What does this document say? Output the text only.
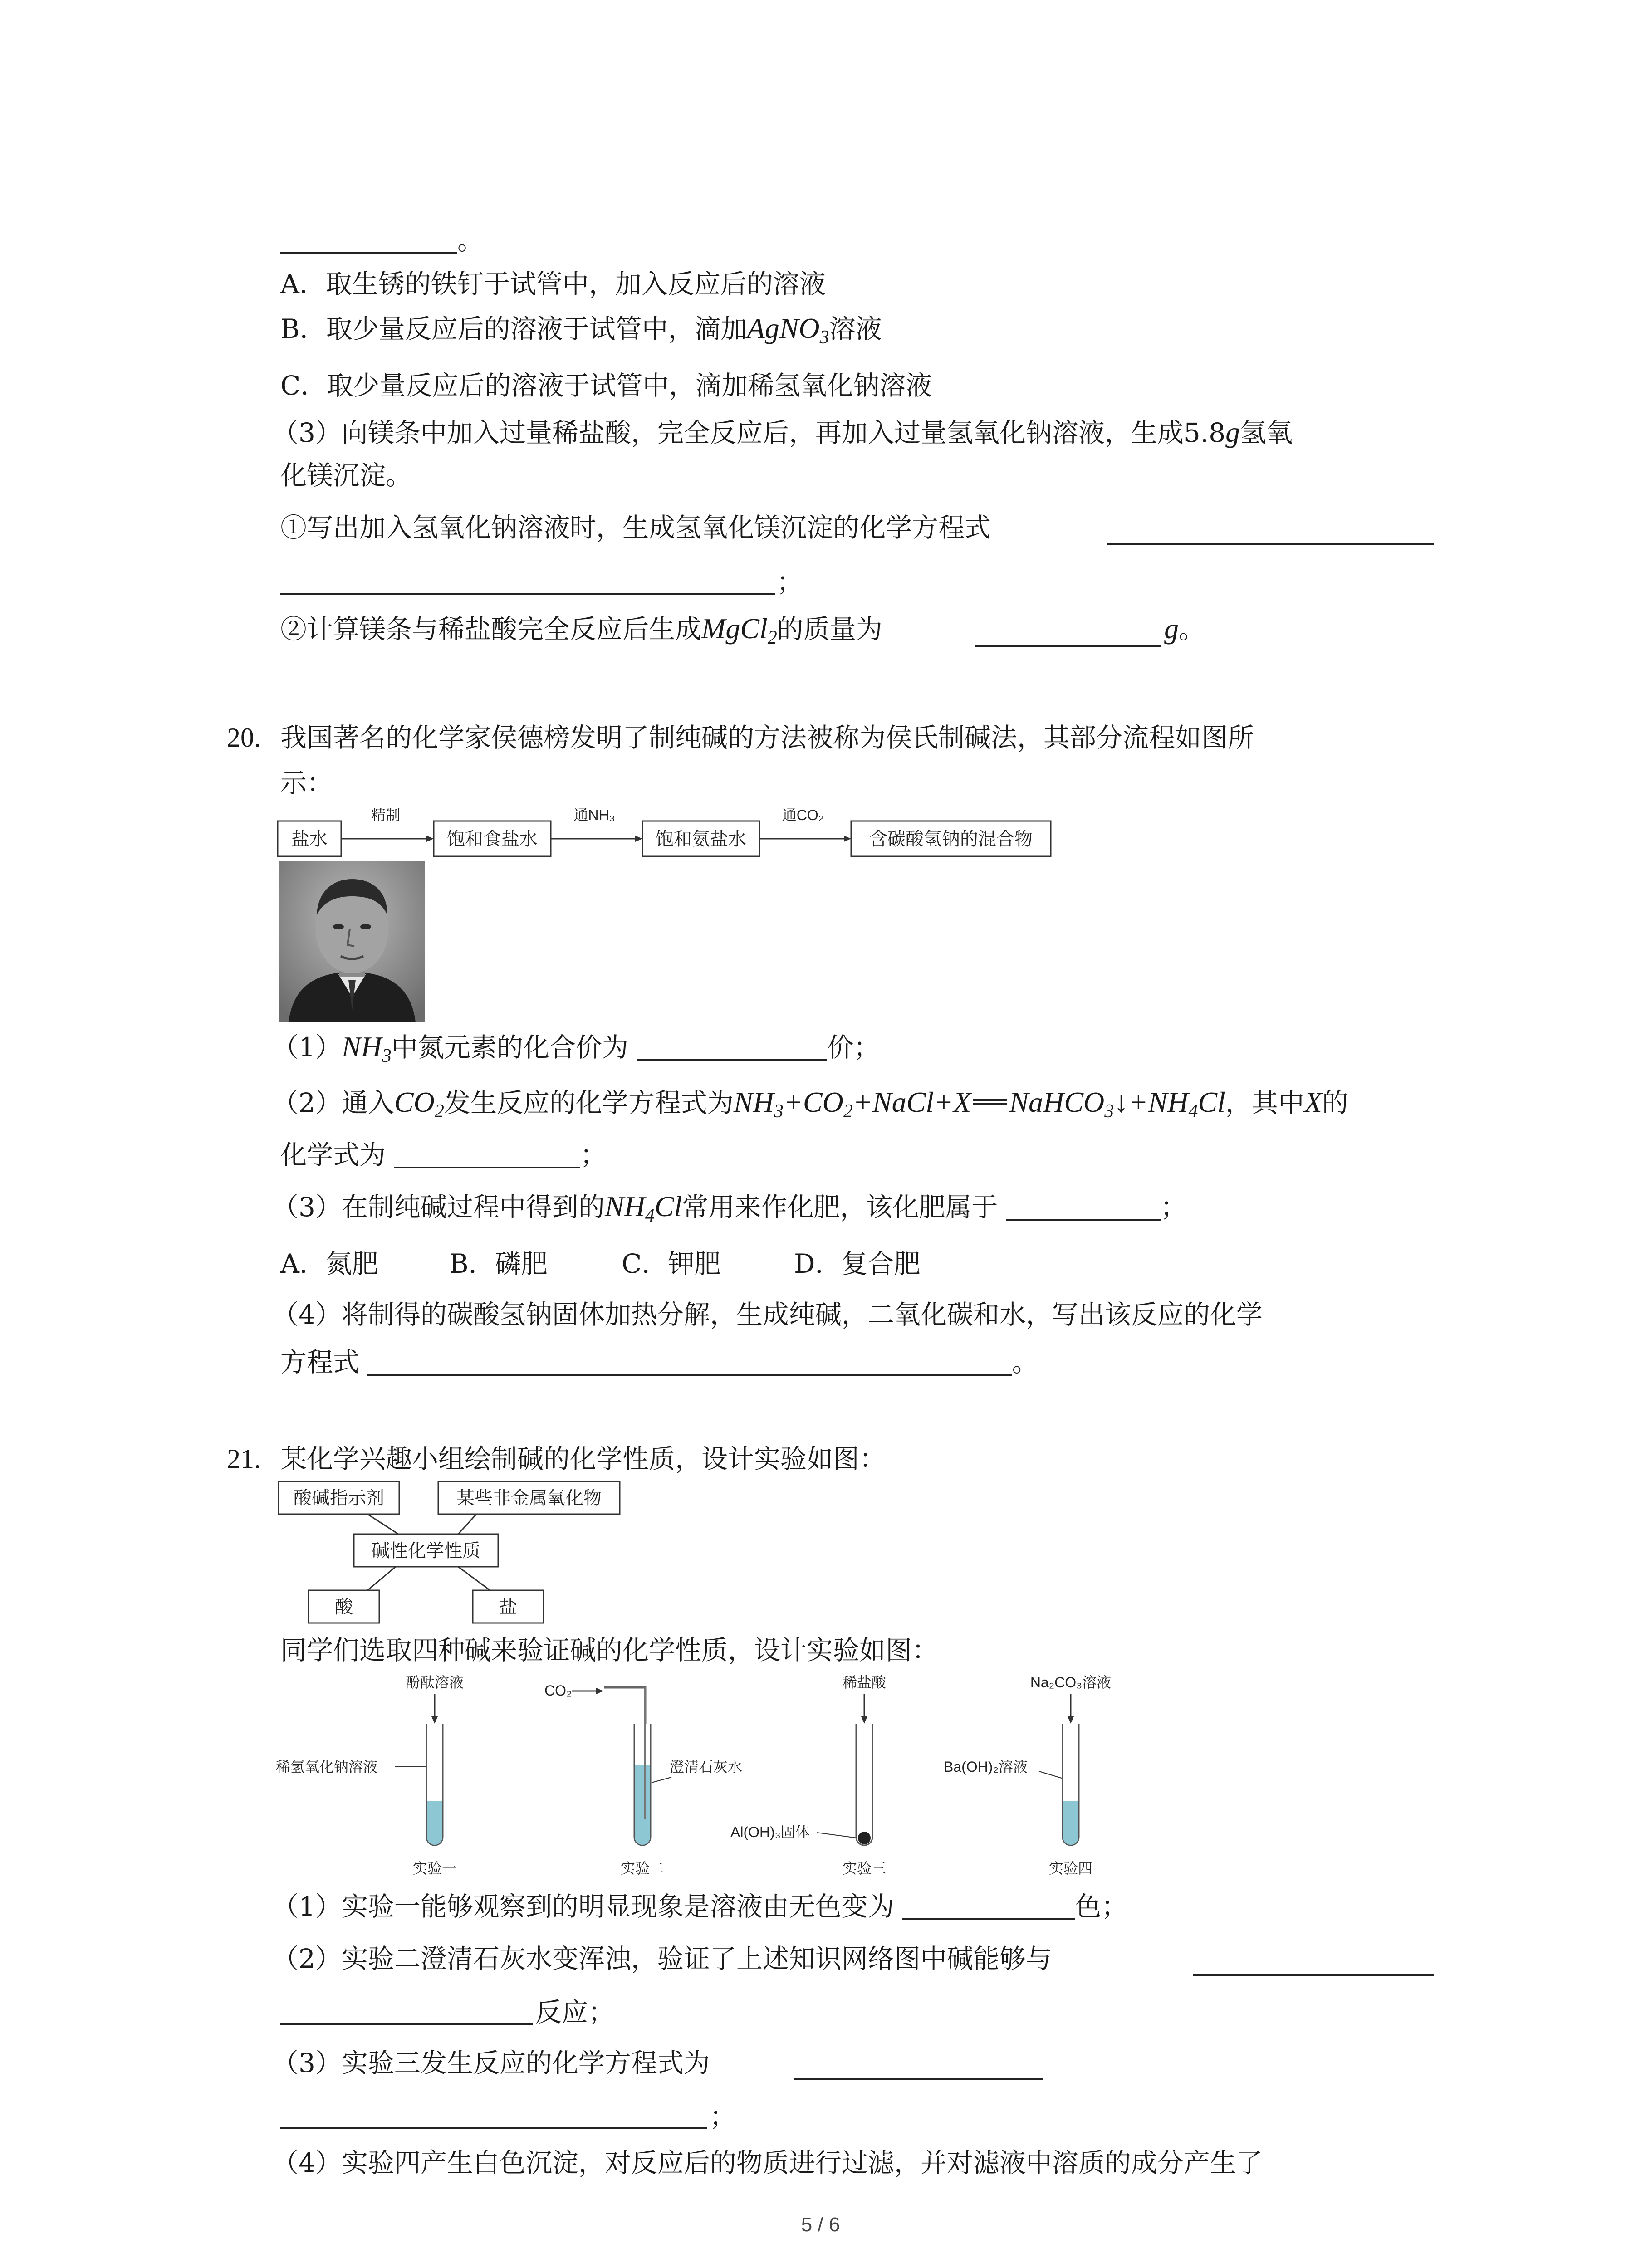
。
A．取生锈的铁钉于试管中，加入反应后的溶液
B．取少量反应后的溶液于试管中，滴加AgNO$_3$溶液
C．取少量反应后的溶液于试管中，滴加稀氢氧化钠溶液
（3）向镁条中加入过量稀盐酸，完全反应后，再加入过量氢氧化钠溶液，生成5.8g氢氧
化镁沉淀。
①写出加入氢氧化钠溶液时，生成氢氧化镁沉淀的化学方程式
；
②计算镁条与稀盐酸完全反应后生成MgCl$_2$的质量为	g。
20. 我国著名的化学家侯德榜发明了制纯碱的方法被称为侯氏制碱法，其部分流程如图所
示：
盐水
精制
饱和食盐水
通NH₃
饱和氨盐水
通CO₂
含碳酸氢钠的混合物
$(1)NH_3$中氮元素的化合价为	价；
（2）通入$CO_2$发生反应的化学方程式为$NH_3+CO_2+NaCl+X$ $NaHCO_3↓+NH_4Cl$，其中X的
化学式为	；
（3）在制纯碱过程中得到的$NH_4Cl$常用来作化肥，该化肥属于	；
A．氮肥	B．磷肥	C．钾肥	D．复合肥
（4）将制得的碳酸氢钠固体加热分解，生成纯碱，二氧化碳和水，写出该反应的化学
方程式	。
21. 某化学兴趣小组绘制碱的化学性质，设计实验如图：
酸碱指示剂	某些非金属氧化物
碱性化学性质
酸	盐
同学们选取四种碱来验证碱的化学性质，设计实验如图：
酚酞溶液
稀氢氧化钠溶液
实验一
CO₂
澄清石灰水
实验二
稀盐酸
Al(OH)₃固体
实验三
Na₂CO₃溶液
Ba(OH)₂溶液
实验四
（1）实验一能够观察到的明显现象是溶液由无色变为	色；
（2）实验二澄清石灰水变浑浊，验证了上述知识网络图中碱能够与
反应；
（3）实验三发生反应的化学方程式为
；
（4）实验四产生白色沉淀，对反应后的物质进行过滤，并对滤液中溶质的成分产生了
5 / 6
